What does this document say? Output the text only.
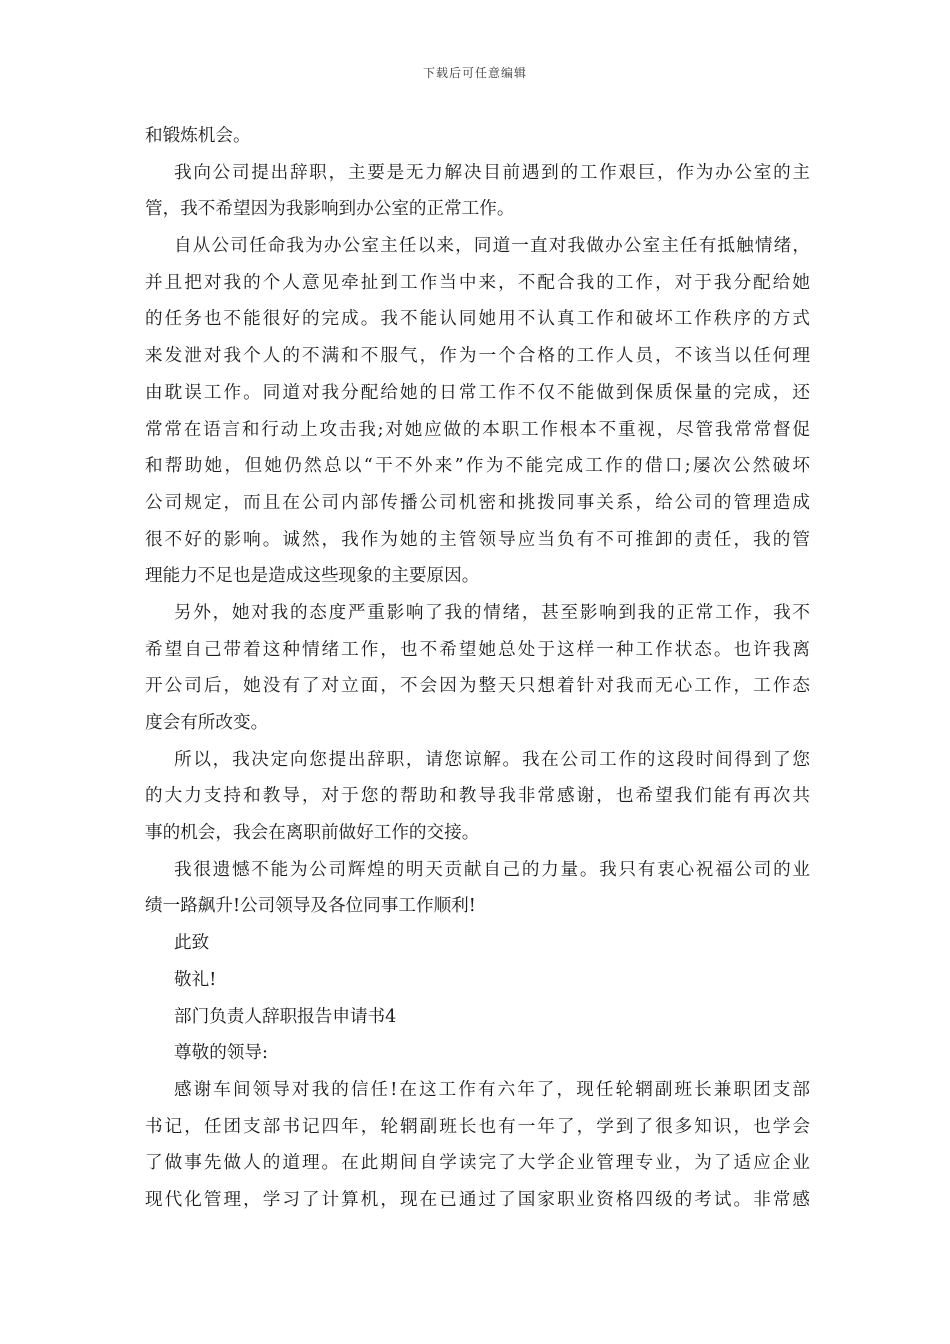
下载后可任意编辑
和锻炼机会。
我向公司提出辞职，主要是无力解决目前遇到的工作艰巨，作为办公室的主
管，我不希望因为我影响到办公室的正常工作。
自从公司任命我为办公室主任以来，同道一直对我做办公室主任有抵触情绪，
并且把对我的个人意见牵扯到工作当中来，不配合我的工作，对于我分配给她
的任务也不能很好的完成。我不能认同她用不认真工作和破坏工作秩序的方式
来发泄对我个人的不满和不服气，作为一个合格的工作人员，不该当以任何理
由耽误工作。同道对我分配给她的日常工作不仅不能做到保质保量的完成，还
常常在语言和行动上攻击我;对她应做的本职工作根本不重视，尽管我常常督促
和帮助她，但她仍然总以“干不外来”作为不能完成工作的借口;屡次公然破坏
公司规定，而且在公司内部传播公司机密和挑拨同事关系，给公司的管理造成
很不好的影响。诚然，我作为她的主管领导应当负有不可推卸的责任，我的管
理能力不足也是造成这些现象的主要原因。
另外，她对我的态度严重影响了我的情绪，甚至影响到我的正常工作，我不
希望自己带着这种情绪工作，也不希望她总处于这样一种工作状态。也许我离
开公司后，她没有了对立面，不会因为整天只想着针对我而无心工作，工作态
度会有所改变。
所以，我决定向您提出辞职，请您谅解。我在公司工作的这段时间得到了您
的大力支持和教导，对于您的帮助和教导我非常感谢，也希望我们能有再次共
事的机会，我会在离职前做好工作的交接。
我很遗憾不能为公司辉煌的明天贡献自己的力量。我只有衷心祝福公司的业
绩一路飙升!公司领导及各位同事工作顺利!
此致
敬礼!
部门负责人辞职报告申请书4
尊敬的领导:
感谢车间领导对我的信任!在这工作有六年了，现任轮辋副班长兼职团支部
书记，任团支部书记四年，轮辋副班长也有一年了，学到了很多知识，也学会
了做事先做人的道理。在此期间自学读完了大学企业管理专业，为了适应企业
现代化管理，学习了计算机，现在已通过了国家职业资格四级的考试。非常感
